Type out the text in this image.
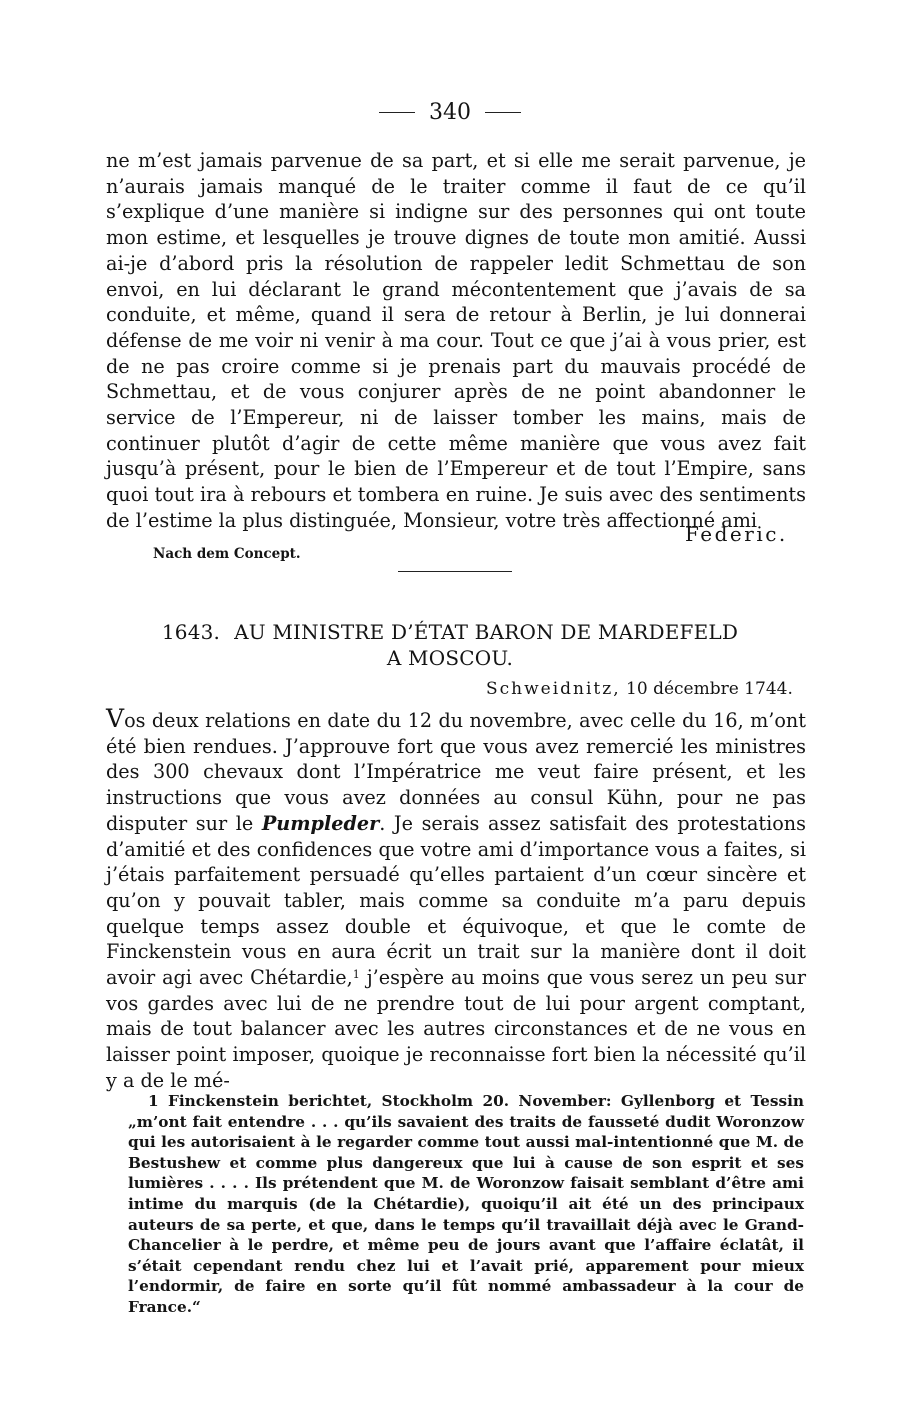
340

ne m’est jamais parvenue de sa part, et si elle me serait parvenue, je n’aurais jamais manqué de le traiter comme il faut de ce qu’il s’explique d’une manière si indigne sur des personnes qui ont toute mon estime, et lesquelles je trouve dignes de toute mon amitié. Aussi ai-je d’abord pris la résolution de rappeler ledit Schmettau de son envoi, en lui déclarant le grand mécontentement que j’avais de sa conduite, et même, quand il sera de retour à Berlin, je lui donnerai défense de me voir ni venir à ma cour. Tout ce que j’ai à vous prier, est de ne pas croire comme si je prenais part du mauvais procédé de Schmettau, et de vous conjurer après de ne point abandonner le service de l’Empereur, ni de laisser tomber les mains, mais de continuer plutôt d’agir de cette même manière que vous avez fait jusqu’à présent, pour le bien de l’Empereur et de tout l’Empire, sans quoi tout ira à rebours et tombera en ruine. Je suis avec des sentiments de l’estime la plus distinguée, Monsieur, votre très affectionné ami

Federic.
Nach dem Concept.
1643. AU MINISTRE D’ÉTAT BARON DE MARDEFELD
A MOSCOU.
Schweidnitz, 10 décembre 1744.

Vos deux relations en date du 12 du novembre, avec celle du 16, m’ont été bien rendues. J’approuve fort que vous avez remercié les ministres des 300 chevaux dont l’Impératrice me veut faire présent, et les instructions que vous avez données au consul Kühn, pour ne pas disputer sur le Pumpleder. Je serais assez satisfait des protestations d’amitié et des confidences que votre ami d’importance vous a faites, si j’étais parfaitement persuadé qu’elles partaient d’un cœur sincère et qu’on y pouvait tabler, mais comme sa conduite m’a paru depuis quelque temps assez double et équivoque, et que le comte de Finckenstein vous en aura écrit un trait sur la manière dont il doit avoir agi avec Chétardie,$^1$ j’espère au moins que vous serez un peu sur vos gardes avec lui de ne prendre tout de lui pour argent comptant, mais de tout balancer avec les autres circonstances et de ne vous en laisser point imposer, quoique je reconnaisse fort bien la nécessité qu’il y a de le mé-

1 Finckenstein berichtet, Stockholm 20. November: Gyllenborg et Tessin „m’ont fait entendre . . . qu’ils savaient des traits de fausseté dudit Woronzow qui les autorisaient à le regarder comme tout aussi mal-intentionné que M. de Bestushew et comme plus dangereux que lui à cause de son esprit et ses lumières . . . . Ils prétendent que M. de Woronzow faisait semblant d’être ami intime du marquis (de la Chétardie), quoiqu’il ait été un des principaux auteurs de sa perte, et que, dans le temps qu’il travaillait déjà avec le Grand-Chancelier à le perdre, et même peu de jours avant que l’affaire éclatât, il s’était cependant rendu chez lui et l’avait prié, apparement pour mieux l’endormir, de faire en sorte qu’il fût nommé ambassadeur à la cour de France.“
